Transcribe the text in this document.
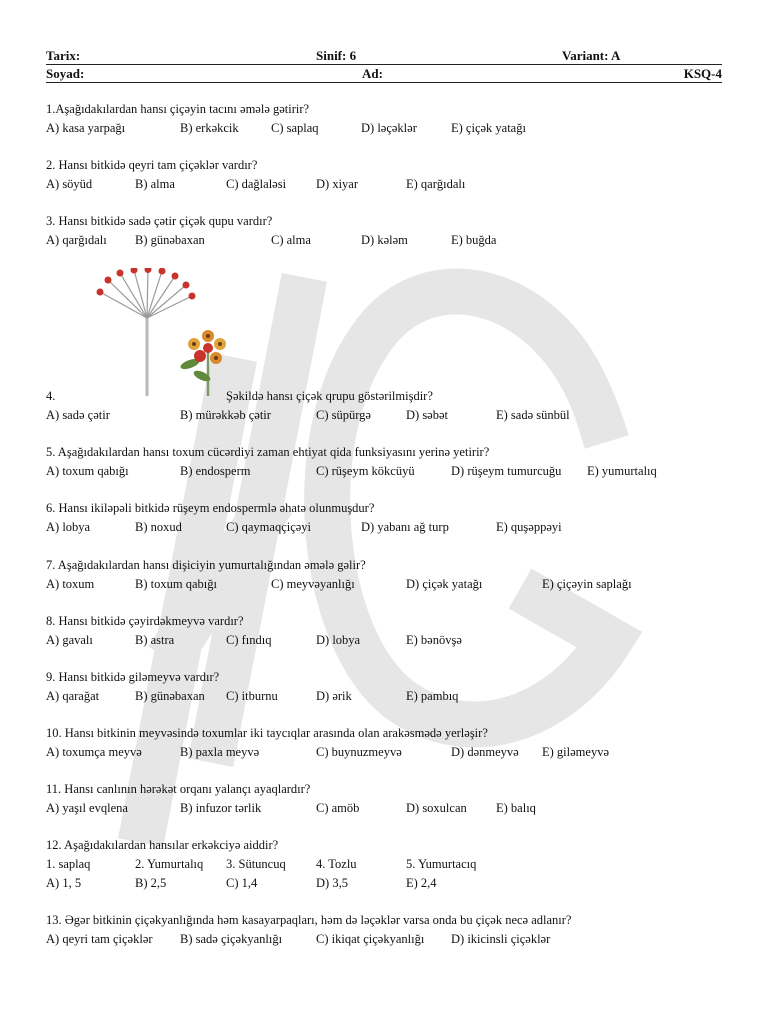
Tarix:	Sinif: 6	Variant: A
Soyad:	Ad:	KSQ-4
1.Aşağıdakılardan hansı çiçəyin tacını əmələ gətirir?
A) kasa yarpağı	B) erkəkcik	C) saplaq	D) ləçəklər	E) çiçək yatağı
2. Hansı bitkidə qeyri tam çiçəklər vardır?
A) söyüd	B) alma	C) dağlaləsi D) xiyar	E) qarğıdalı
3. Hansı bitkidə sadə çətir çiçək qupu vardır?
A) qarğıdalı B) günəbaxan	C) alma	D) kələm	E) buğda
4.	Şəkildə hansı çiçək qrupu göstərilmişdir?
A) sadə çətir	B) mürəkkəb çətir	C) süpürgə	D) səbət	E) sadə sünbül
5. Aşağıdakılardan hansı toxum cücərdiyi zaman ehtiyat qida funksiyasını yerinə yetirir?
A) toxum qabığı	B) endosperm	C) rüşeym kökcüyü	D) rüşeym tumurcuğu E) yumurtalıq
6. Hansı ikiləpəli bitkidə rüşeym endospermlə əhatə olunmuşdur?
A) lobya	B) noxud	C) qaymaqçiçəyi	D) yabanı ağ turp	E) quşəppəyi
7. Aşağıdakılardan hansı dişiciyin yumurtalığından əmələ gəlir?
A) toxum	B) toxum qabığı	C) meyvəyanlığı	D) çiçək yatağı	E) çiçəyin saplağı
8. Hansı bitkidə çəyirdəkmeyvə vardır?
A) gavalı	B) astra	C) fındıq	D) lobya	E) bənövşə
9. Hansı bitkidə giləmeyvə vardır?
A) qarağat	B) günəbaxan C) itburnu	D) ərik	E) pambıq
10. Hansı bitkinin meyvəsində toxumlar iki taycıqlar arasında olan arakəsmədə yerləşir?
A) toxumça meyvə	B) paxla meyvə	C) buynuzmeyvə	D) dənmeyvə E) giləmeyvə
11. Hansı canlının hərəkət orqanı yalançı ayaqlardır?
A) yaşıl evqlena	B) infuzor tərlik	C) amöb	D) soxulcan E) balıq
12. Aşağıdakılardan hansılar erkəkciyə aiddir?
1. saplaq	2. Yumurtalıq 3. Sütuncuq 4. Tozlu	5. Yumurtacıq
A) 1, 5	B) 2,5	C) 1,4	D) 3,5	E) 2,4
13. Əgər bitkinin çiçəkyanlığında həm kasayarpaqları, həm də ləçəklər varsa onda bu çiçək necə adlanır?
A) qeyri tam çiçəklər B) sadə çiçəkyanlığı	C) ikiqat çiçəkyanlığı D) ikicinsli çiçəklər
